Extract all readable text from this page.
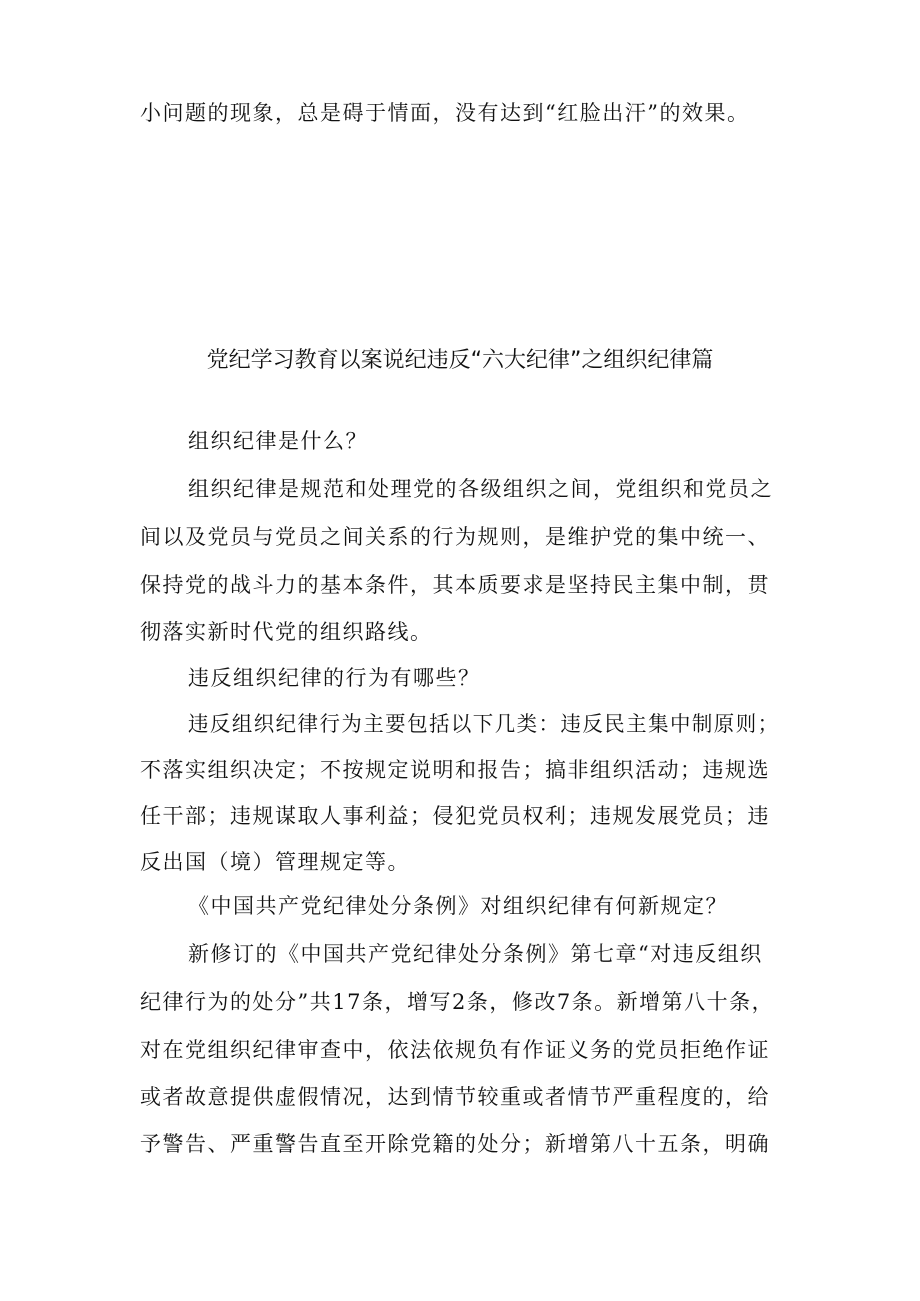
小问题的现象，总是碍于情面，没有达到“红脸出汗”的效果。
党纪学习教育以案说纪违反“六大纪律”之组织纪律篇
组织纪律是什么？
组织纪律是规范和处理党的各级组织之间，党组织和党员之
间以及党员与党员之间关系的行为规则，是维护党的集中统一、
保持党的战斗力的基本条件，其本质要求是坚持民主集中制，贯
彻落实新时代党的组织路线。
违反组织纪律的行为有哪些？
违反组织纪律行为主要包括以下几类：违反民主集中制原则；
不落实组织决定；不按规定说明和报告；搞非组织活动；违规选
任干部；违规谋取人事利益；侵犯党员权利；违规发展党员；违
反出国（境）管理规定等。
《中国共产党纪律处分条例》对组织纪律有何新规定？
新修订的《中国共产党纪律处分条例》第七章“对违反组织
纪律行为的处分”共17条，增写2条，修改7条。新增第八十条，
对在党组织纪律审查中，依法依规负有作证义务的党员拒绝作证
或者故意提供虚假情况，达到情节较重或者情节严重程度的，给
予警告、严重警告直至开除党籍的处分；新增第八十五条，明确
